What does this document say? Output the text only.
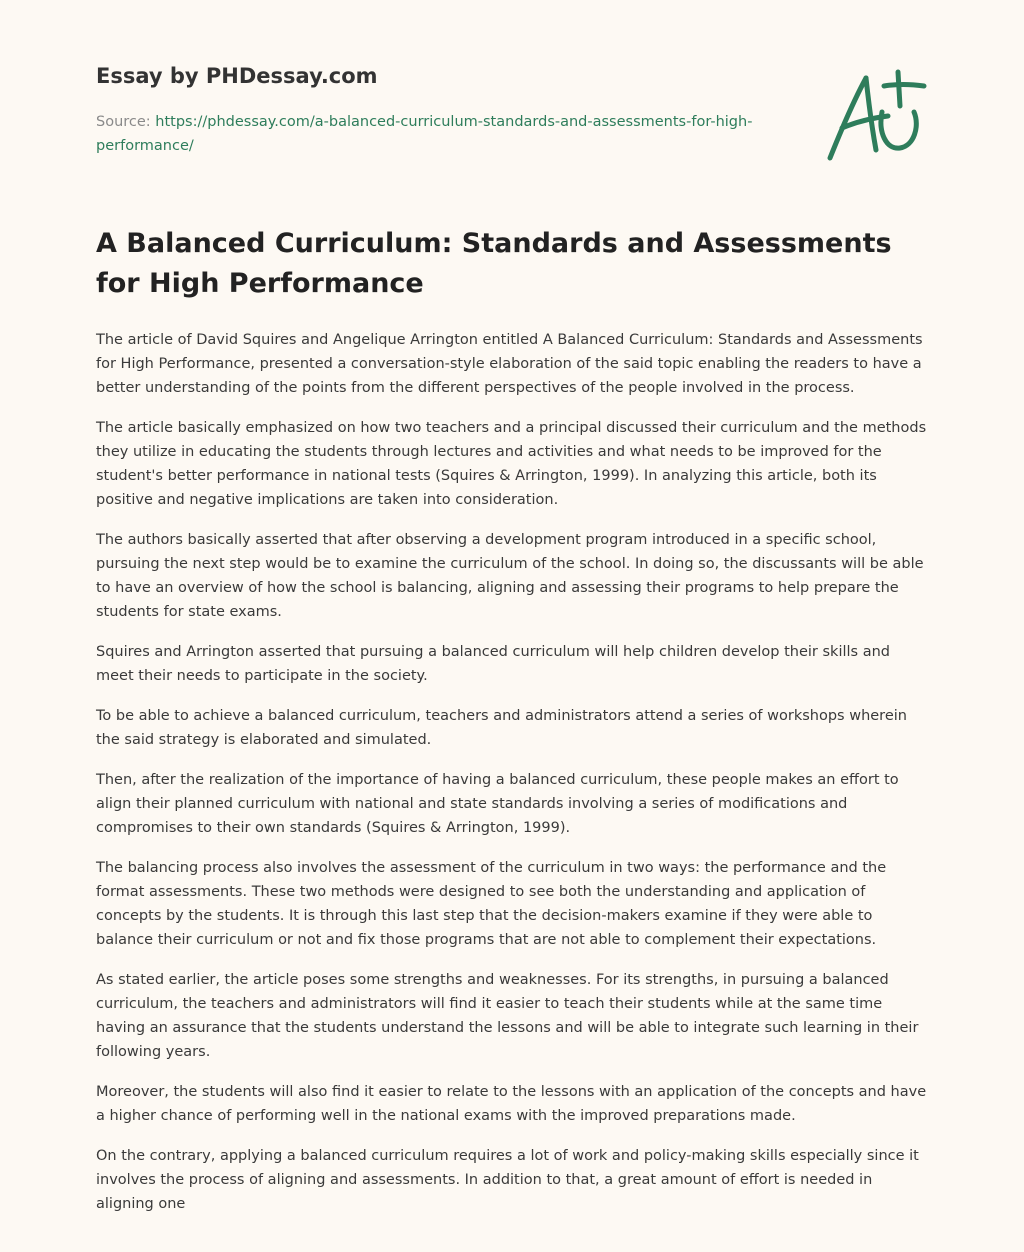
Essay by PHDessay.com

Source: https://phdessay.com/a-balanced-curriculum-standards-and-assessments-for-high-performance/

A Balanced Curriculum: Standards and Assessments for High Performance

The article of David Squires and Angelique Arrington entitled A Balanced Curriculum: Standards and Assessments for High Performance, presented a conversation-style elaboration of the said topic enabling the readers to have a better understanding of the points from the different perspectives of the people involved in the process.

The article basically emphasized on how two teachers and a principal discussed their curriculum and the methods they utilize in educating the students through lectures and activities and what needs to be improved for the student's better performance in national tests (Squires & Arrington, 1999). In analyzing this article, both its positive and negative implications are taken into consideration.

The authors basically asserted that after observing a development program introduced in a specific school, pursuing the next step would be to examine the curriculum of the school. In doing so, the discussants will be able to have an overview of how the school is balancing, aligning and assessing their programs to help prepare the students for state exams.

Squires and Arrington asserted that pursuing a balanced curriculum will help children develop their skills and meet their needs to participate in the society.

To be able to achieve a balanced curriculum, teachers and administrators attend a series of workshops wherein the said strategy is elaborated and simulated.

Then, after the realization of the importance of having a balanced curriculum, these people makes an effort to align their planned curriculum with national and state standards involving a series of modifications and compromises to their own standards (Squires & Arrington, 1999).

The balancing process also involves the assessment of the curriculum in two ways: the performance and the format assessments. These two methods were designed to see both the understanding and application of concepts by the students. It is through this last step that the decision-makers examine if they were able to balance their curriculum or not and fix those programs that are not able to complement their expectations.

As stated earlier, the article poses some strengths and weaknesses. For its strengths, in pursuing a balanced curriculum, the teachers and administrators will find it easier to teach their students while at the same time having an assurance that the students understand the lessons and will be able to integrate such learning in their following years.

Moreover, the students will also find it easier to relate to the lessons with an application of the concepts and have a higher chance of performing well in the national exams with the improved preparations made.

On the contrary, applying a balanced curriculum requires a lot of work and policy-making skills especially since it involves the process of aligning and assessments. In addition to that, a great amount of effort is needed in aligning one
